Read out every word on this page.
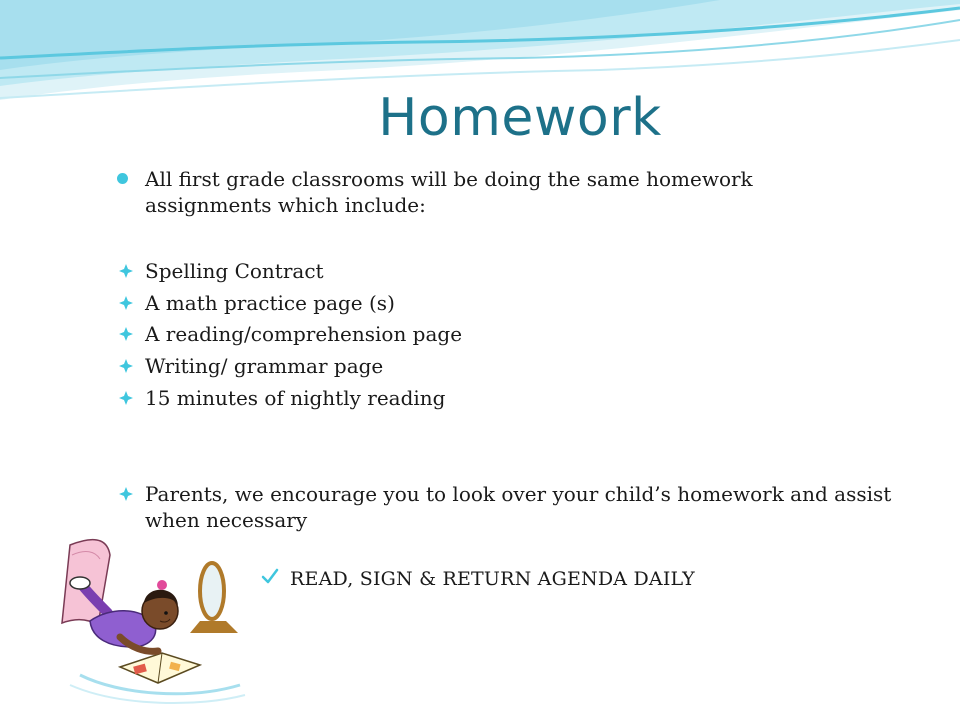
Homework
All first grade classrooms will be doing the same homework assignments which include:
Spelling Contract
A math practice page (s)
A reading/comprehension page
Writing/ grammar page
15 minutes of nightly reading
Parents, we encourage you to look over your child’s homework and assist when necessary
READ, SIGN & RETURN AGENDA DAILY
